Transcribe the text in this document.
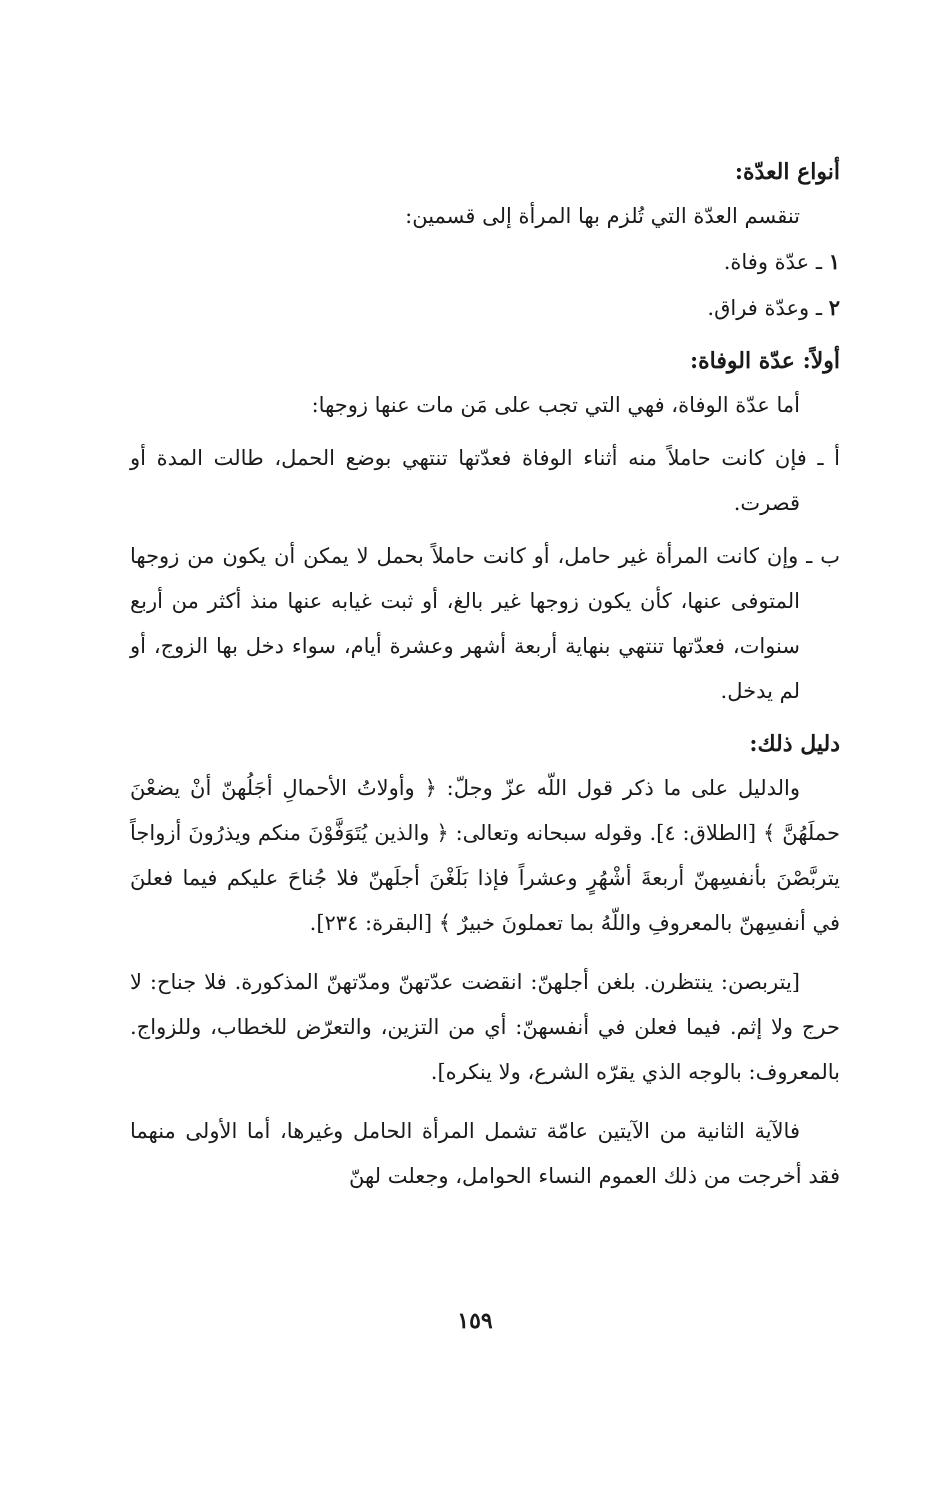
أنواع العدّة:

تنقسم العدّة التي تُلزم بها المرأة إلى قسمين:

١ ـ عدّة وفاة.
٢ ـ وعدّة فراق.

أولاً: عدّة الوفاة:

أما عدّة الوفاة، فهي التي تجب على مَن مات عنها زوجها:

أ ـ فإن كانت حاملاً منه أثناء الوفاة فعدّتها تنتهي بوضع الحمل، طالت المدة أو قصرت.

ب ـ وإن كانت المرأة غير حامل، أو كانت حاملاً بحمل لا يمكن أن يكون من زوجها المتوفى عنها، كأن يكون زوجها غير بالغ، أو ثبت غيابه عنها منذ أكثر من أربع سنوات، فعدّتها تنتهي بنهاية أربعة أشهر وعشرة أيام، سواء دخل بها الزوج، أو لم يدخل.

دليل ذلك:

والدليل على ما ذكر قول اللّه عزّ وجلّ: ﴿ وأولاتُ الأحمالِ أجَلُهنّ أنْ يضعْنَ حملَهُنَّ ﴾ [الطلاق: ٤]. وقوله سبحانه وتعالى: ﴿ والذين يُتَوَفَّوْنَ منكم ويذرُونَ أزواجاً يتربَّصْنَ بأنفسِهنّ أربعةَ أشْهُرٍ وعشراً فإذا بَلَغْنَ أجلَهنّ فلا جُناحَ عليكم فيما فعلنَ في أنفسِهنّ بالمعروفِ واللّهُ بما تعملونَ خبيرٌ ﴾ [البقرة: ٢٣٤].

[يتربصن: ينتظرن. بلغن أجلهنّ: انقضت عدّتهنّ ومدّتهنّ المذكورة. فلا جناح: لا حرج ولا إثم. فيما فعلن في أنفسهنّ: أي من التزين، والتعرّض للخطاب، وللزواج. بالمعروف: بالوجه الذي يقرّه الشرع، ولا ينكره].

فالآية الثانية من الآيتين عامّة تشمل المرأة الحامل وغيرها، أما الأولى منهما فقد أخرجت من ذلك العموم النساء الحوامل، وجعلت لهنّ

١٥٩
